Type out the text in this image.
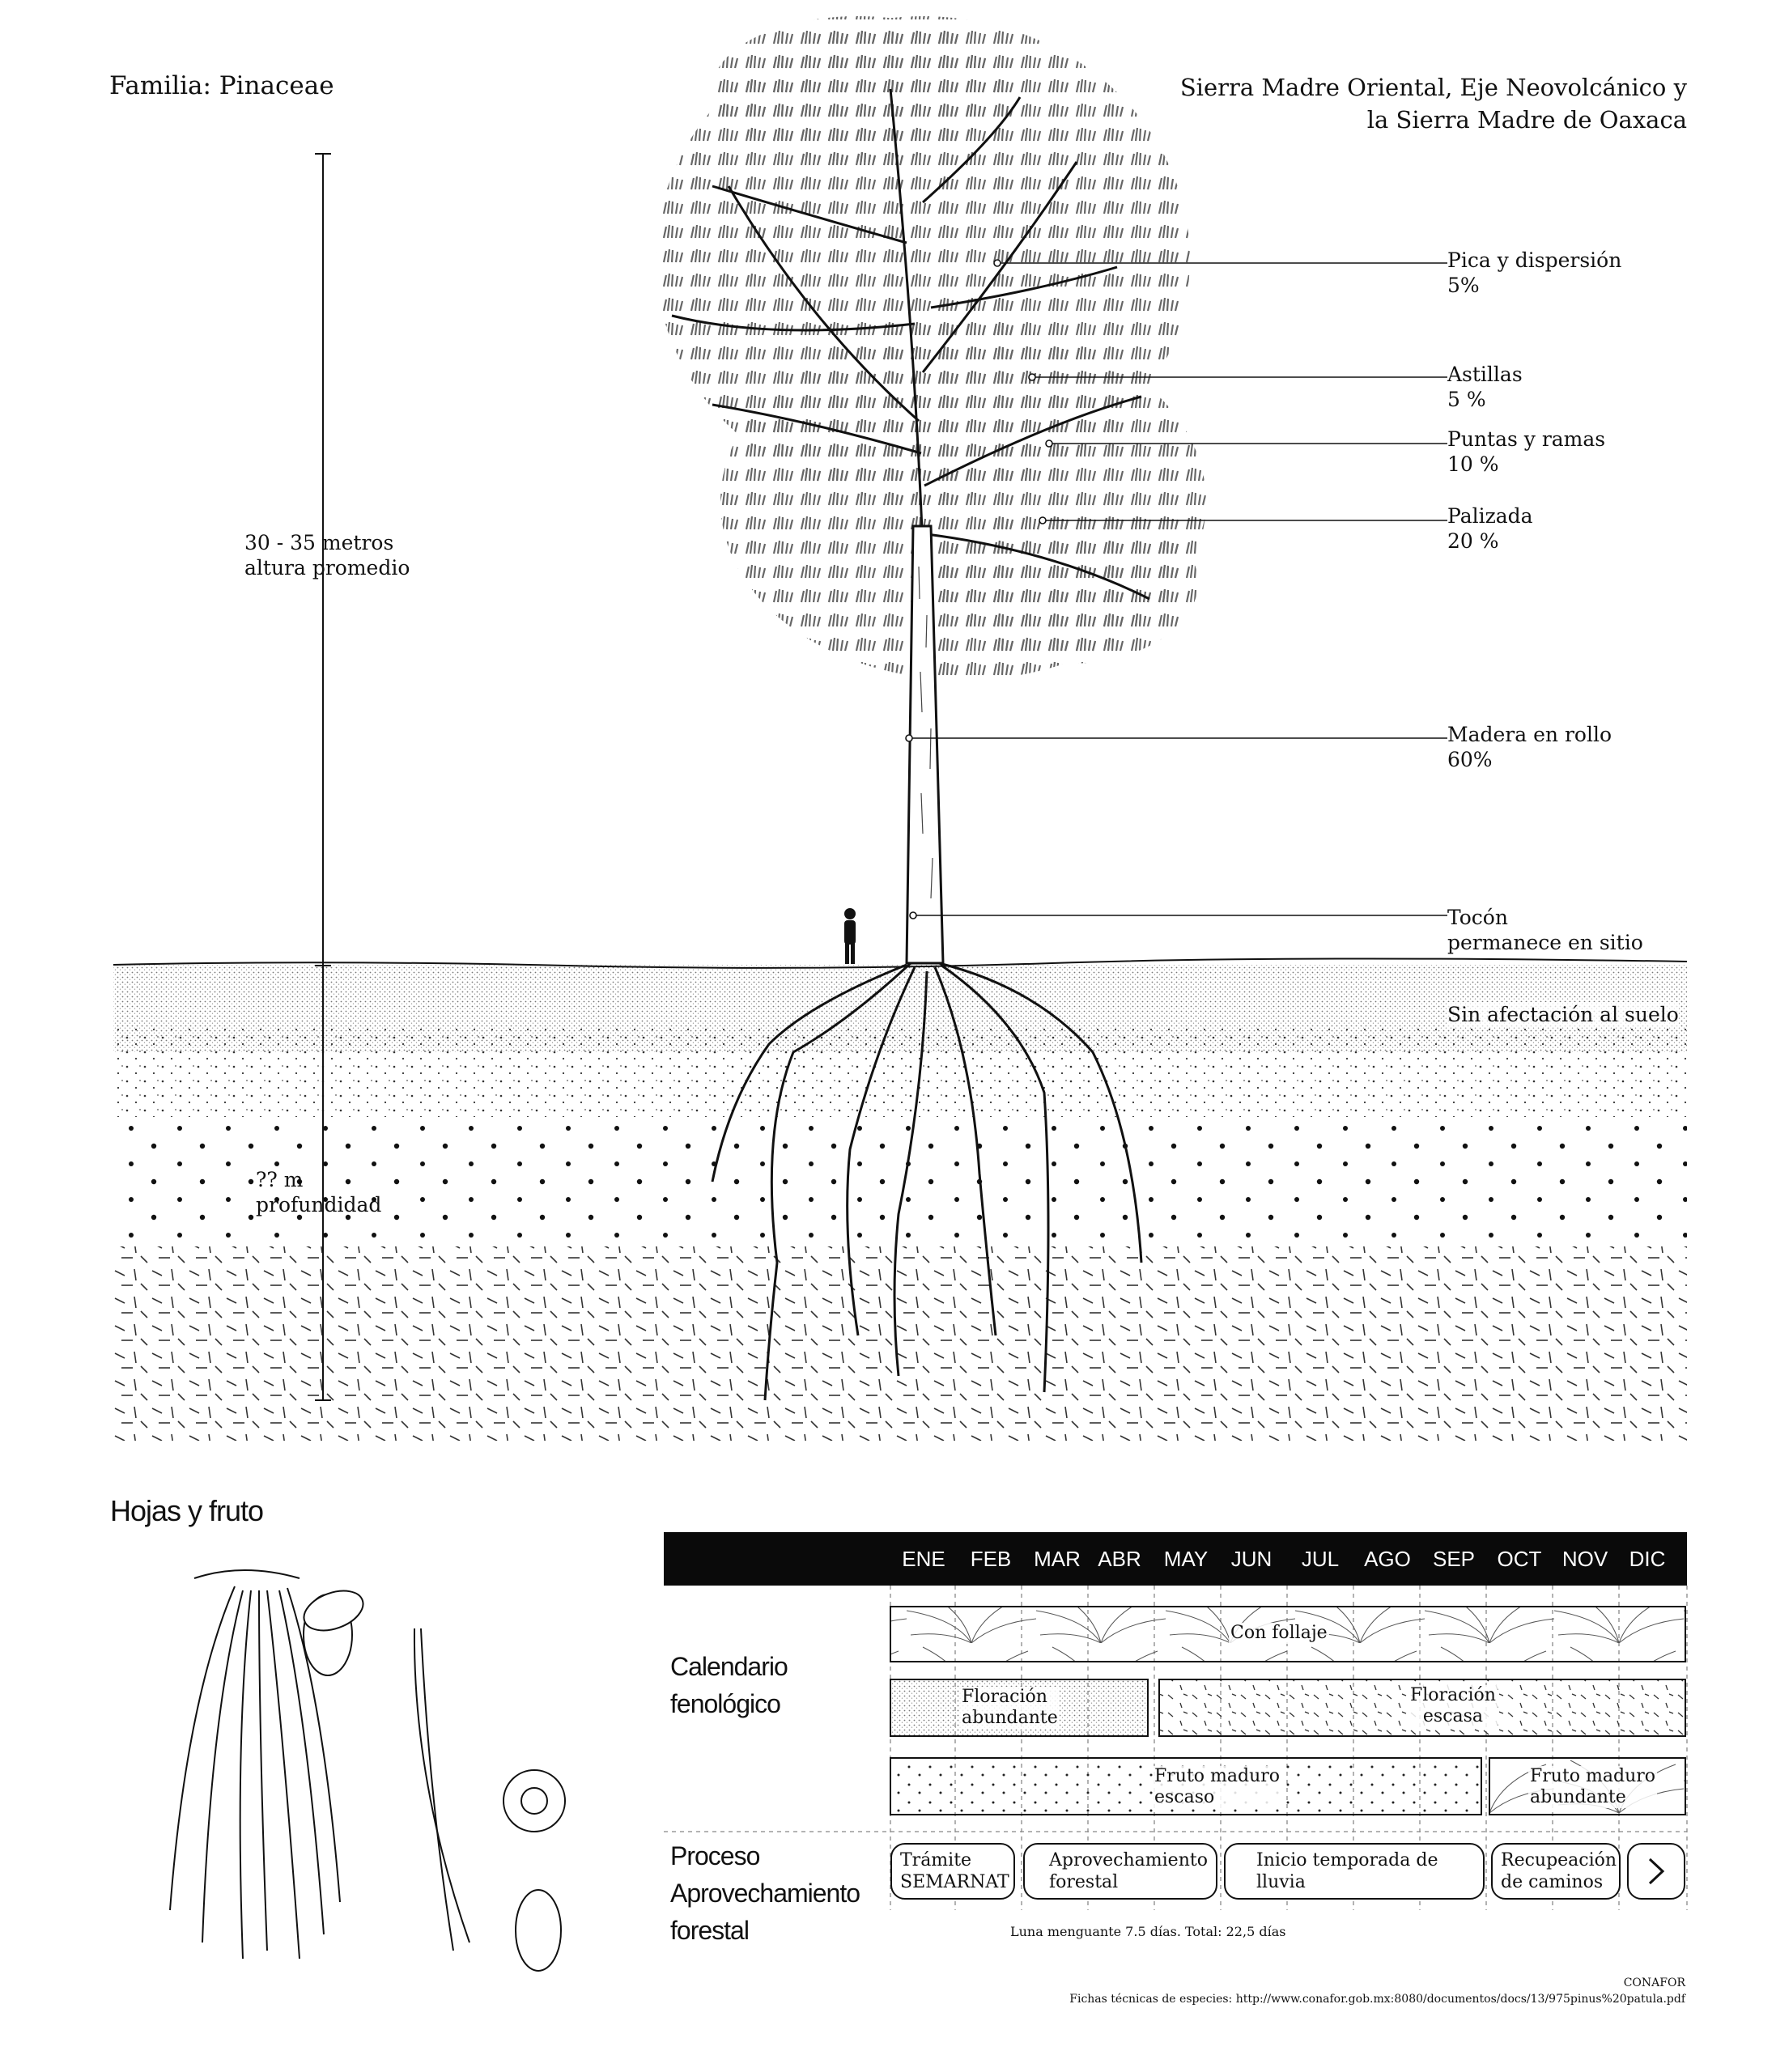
Familia: Pinaceae	Sierra Madre Oriental, Eje Neovolcánico y
la Sierra Madre de Oaxaca
30 - 35 metros
altura promedio
?? m
profundidad
Pica y dispersión
5%
Astillas
5 %
Puntas y ramas
10 %
Palizada
20 %
Madera en rollo
60%
Tocón
permanece en sitio
Sin afectación al suelo
Hojas y fruto
ENE FEB MAR ABR MAY JUN JUL AGO SEP OCT NOV DIC
Calendario
fenológico
Con follaje
Floración
abundante
Floración
escasa
Fruto maduro
escaso
Fruto maduro
abundante
Proceso
Aprovechamiento
forestal
Trámite
SEMARNAT
Aprovechamiento
forestal
Inicio temporada de
lluvia
Recupeación
de caminos
Luna menguante 7.5 días. Total: 22,5 días
CONAFOR
Fichas técnicas de especies: http://www.conafor.gob.mx:8080/documentos/docs/13/975pinus%20patula.pdf
